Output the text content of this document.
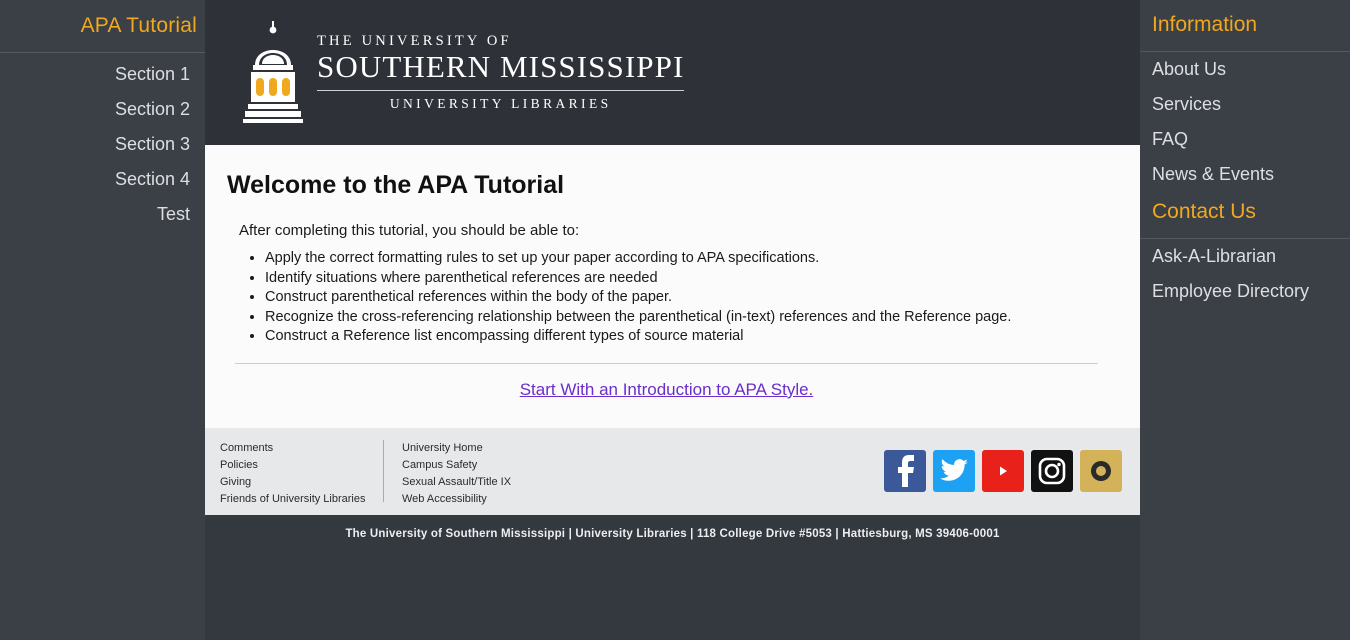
APA Tutorial
Section 1
Section 2
Section 3
Section 4
Test
Information
About Us
Services
FAQ
News & Events
Contact Us
Ask-A-Librarian
Employee Directory
THE UNIVERSITY OF
SOUTHERN MISSISSIPPI
UNIVERSITY LIBRARIES
Welcome to the APA Tutorial

After completing this tutorial, you should be able to:

• Apply the correct formatting rules to set up your paper according to APA specifications.
• Identify situations where parenthetical references are needed
• Construct parenthetical references within the body of the paper.
• Recognize the cross-referencing relationship between the parenthetical (in-text) references and the Reference page.
• Construct a Reference list encompassing different types of source material
Start With an Introduction to APA Style.
Comments
Policies
Giving
Friends of University Libraries
University Home
Campus Safety
Sexual Assault/Title IX
Web Accessibility
The University of Southern Mississippi | University Libraries | 118 College Drive #5053 | Hattiesburg, MS 39406-0001
